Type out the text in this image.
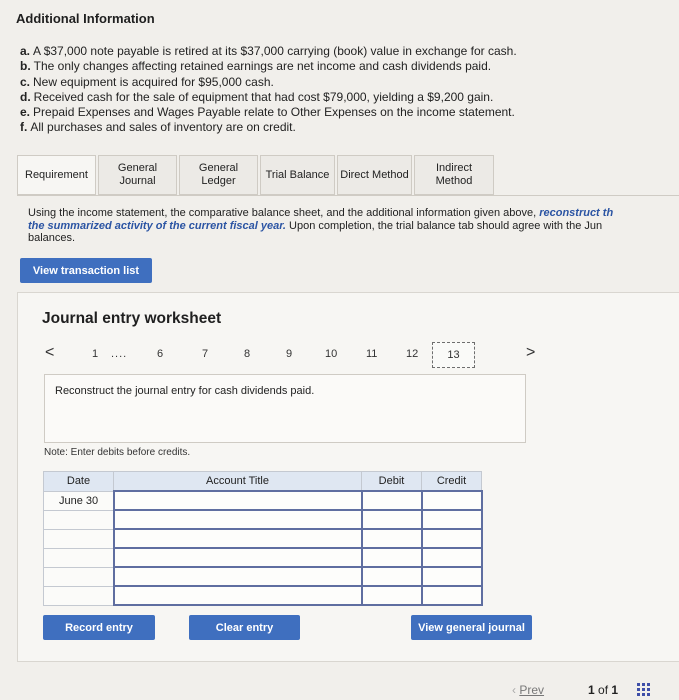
Additional Information
a. A $37,000 note payable is retired at its $37,000 carrying (book) value in exchange for cash.
b. The only changes affecting retained earnings are net income and cash dividends paid.
c. New equipment is acquired for $95,000 cash.
d. Received cash for the sale of equipment that had cost $79,000, yielding a $9,200 gain.
e. Prepaid Expenses and Wages Payable relate to Other Expenses on the income statement.
f. All purchases and sales of inventory are on credit.
Requirement
General
Journal
General
Ledger
Trial Balance Direct Method
Indirect
Method
Using the income statement, the comparative balance sheet, and the additional information given above, reconstruct th
the summarized activity of the current fiscal year. Upon completion, the trial balance tab should agree with the Jun
balances.
View transaction list
Journal entry worksheet
<	1 ....	6	7	8	9	10	11	12	>
13
Reconstruct the journal entry for cash dividends paid.
Note: Enter debits before credits.
Date	Account Title	Debit	Credit
June 30			

Record entry	Clear entry	View general journal
‹ Prev	1 of 1
